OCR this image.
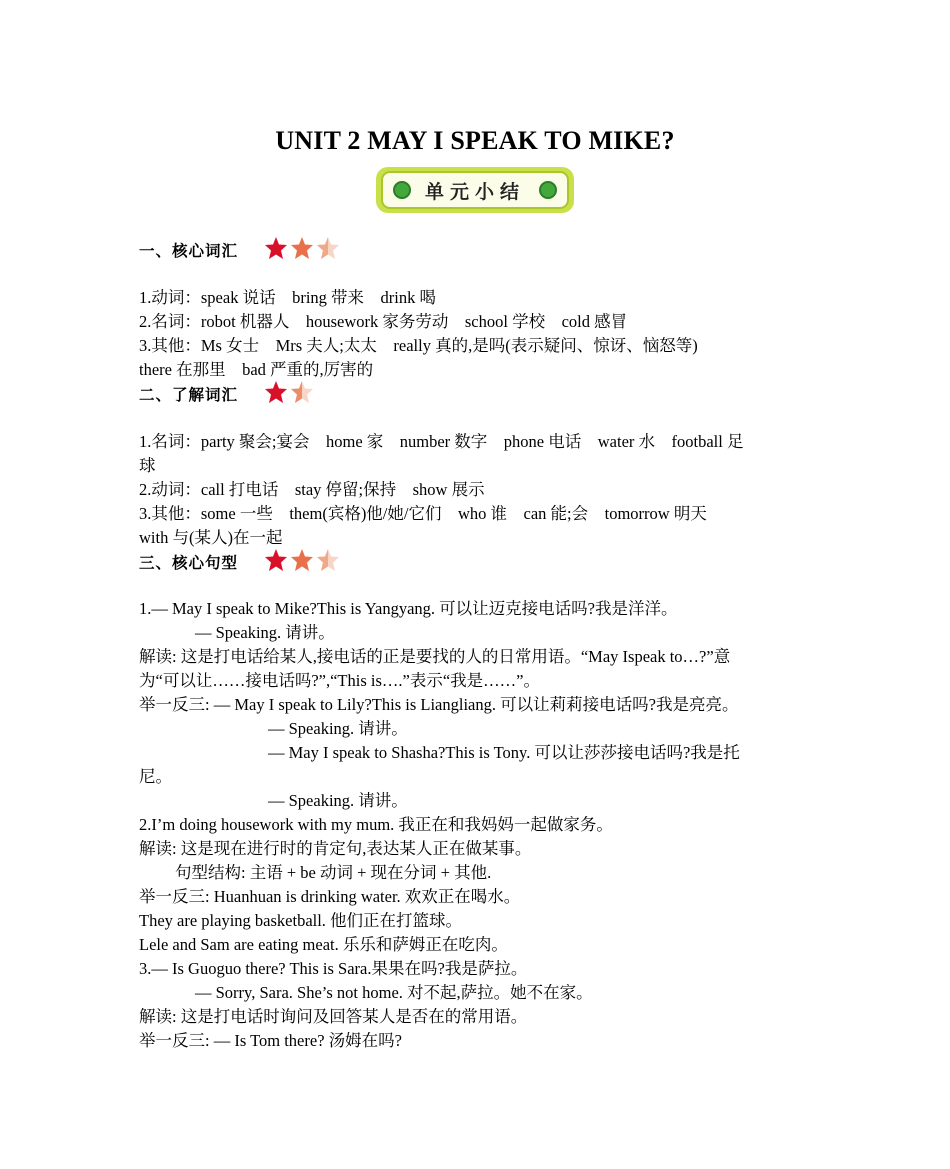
UNIT 2 MAY I SPEAK TO MIKE?
单元小结
一、核心词汇
1.动词：speak 说话　bring 带来　drink 喝
2.名词：robot 机器人　housework 家务劳动　school 学校　cold 感冒
3.其他：Ms 女士　Mrs 夫人;太太　really 真的,是吗(表示疑问、惊讶、恼怒等)
there 在那里　bad 严重的,厉害的
二、了解词汇
1.名词：party 聚会;宴会　home 家　number 数字　phone 电话　water 水　football 足
球
2.动词：call 打电话　stay 停留;保持　show 展示
3.其他：some 一些　them(宾格)他/她/它们　who 谁　can 能;会　tomorrow 明天
with 与(某人)在一起
三、核心句型
1.— May I speak to Mike?This is Yangyang. 可以让迈克接电话吗?我是洋洋。
— Speaking. 请讲。
解读: 这是打电话给某人,接电话的正是要找的人的日常用语。“May Ispeak to…?”意
为“可以让……接电话吗?”,“This is….”表示“我是……”。
举一反三: — May I speak to Lily?This is Liangliang. 可以让莉莉接电话吗?我是亮亮。
— Speaking. 请讲。
— May I speak to Shasha?This is Tony. 可以让莎莎接电话吗?我是托
尼。
— Speaking. 请讲。
2.I’m doing housework with my mum. 我正在和我妈妈一起做家务。
解读: 这是现在进行时的肯定句,表达某人正在做某事。
句型结构: 主语 + be 动词 + 现在分词 + 其他.
举一反三: Huanhuan is drinking water. 欢欢正在喝水。
They are playing basketball. 他们正在打篮球。
Lele and Sam are eating meat. 乐乐和萨姆正在吃肉。
3.— Is Guoguo there? This is Sara.果果在吗?我是萨拉。
— Sorry, Sara. She’s not home. 对不起,萨拉。她不在家。
解读: 这是打电话时询问及回答某人是否在的常用语。
举一反三: — Is Tom there? 汤姆在吗?
